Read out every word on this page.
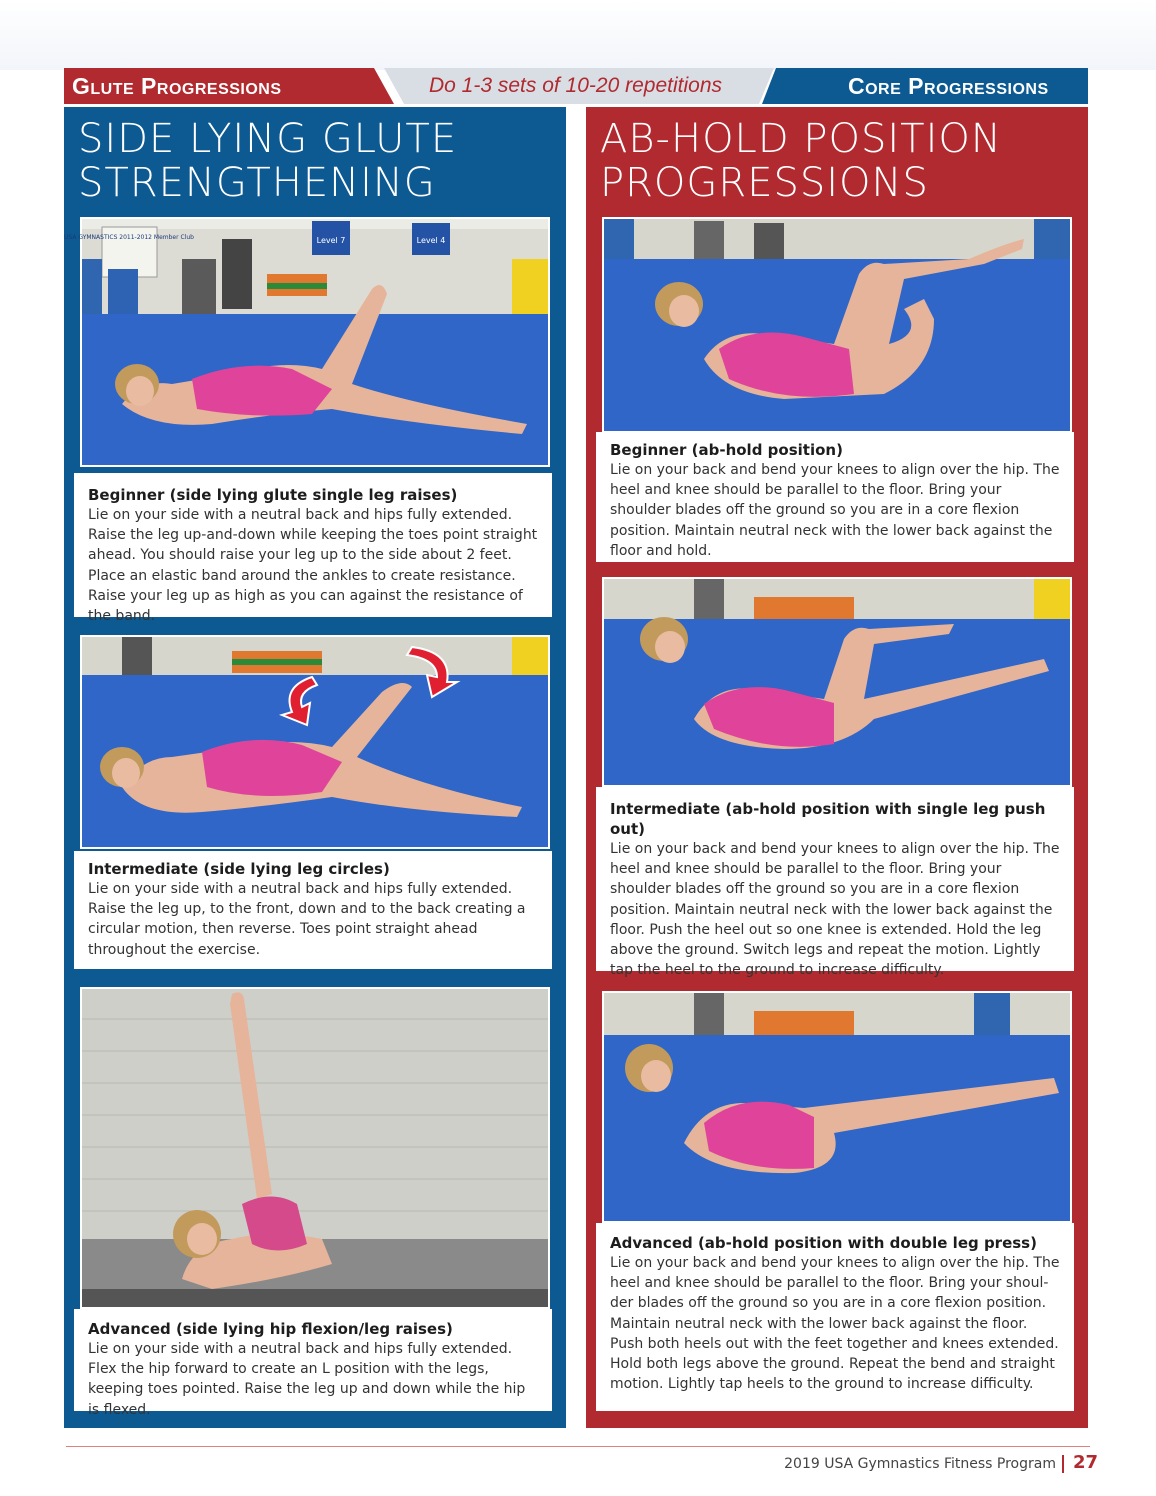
Glute Progressions	Do 1-3 sets of 10-20 repetitions	Core Progressions
SIDE LYING GLUTE
STRENGTHENING
USA GYMNASTICS 2011-2012 Member Club	Level 7	Level 4

Beginner (side lying glute single leg raises)

Lie on your side with a neutral back and hips fully extended. Raise the leg up-and-down while keeping the toes point straight ahead. You should raise your leg up to the side about 2 feet. Place an elastic band around the ankles to create resistance. Raise your leg up as high as you can against the resistance of the band.

Intermediate (side lying leg circles)

Lie on your side with a neutral back and hips fully extended. Raise the leg up, to the front, down and to the back creating a circular motion, then reverse. Toes point straight ahead throughout the exercise.

Advanced (side lying hip flexion/leg raises)

Lie on your side with a neutral back and hips fully extended. Flex the hip forward to create an L position with the legs, keeping toes pointed. Raise the leg up and down while the hip is flexed.

AB-HOLD POSITION
PROGRESSIONS

Beginner (ab-hold position)

Lie on your back and bend your knees to align over the hip. The heel and knee should be parallel to the floor. Bring your shoulder blades off the ground so you are in a core flexion position. Maintain neutral neck with the lower back against the floor and hold.

Intermediate (ab-hold position with single leg push out)

Lie on your back and bend your knees to align over the hip. The heel and knee should be parallel to the floor. Bring your shoulder blades off the ground so you are in a core flexion position. Maintain neutral neck with the lower back against the floor. Push the heel out so one knee is extended. Hold the leg above the ground. Switch legs and repeat the motion. Lightly tap the heel to the ground to increase difficulty.

Advanced (ab-hold position with double leg press)

Lie on your back and bend your knees to align over the hip. The heel and knee should be parallel to the floor. Bring your shoul-der blades off the ground so you are in a core flexion position. Maintain neutral neck with the lower back against the floor. Push both heels out with the feet together and knees extended. Hold both legs above the ground. Repeat the bend and straight motion. Lightly tap heels to the ground to increase difficulty.

2019 USA Gymnastics Fitness Program 27
